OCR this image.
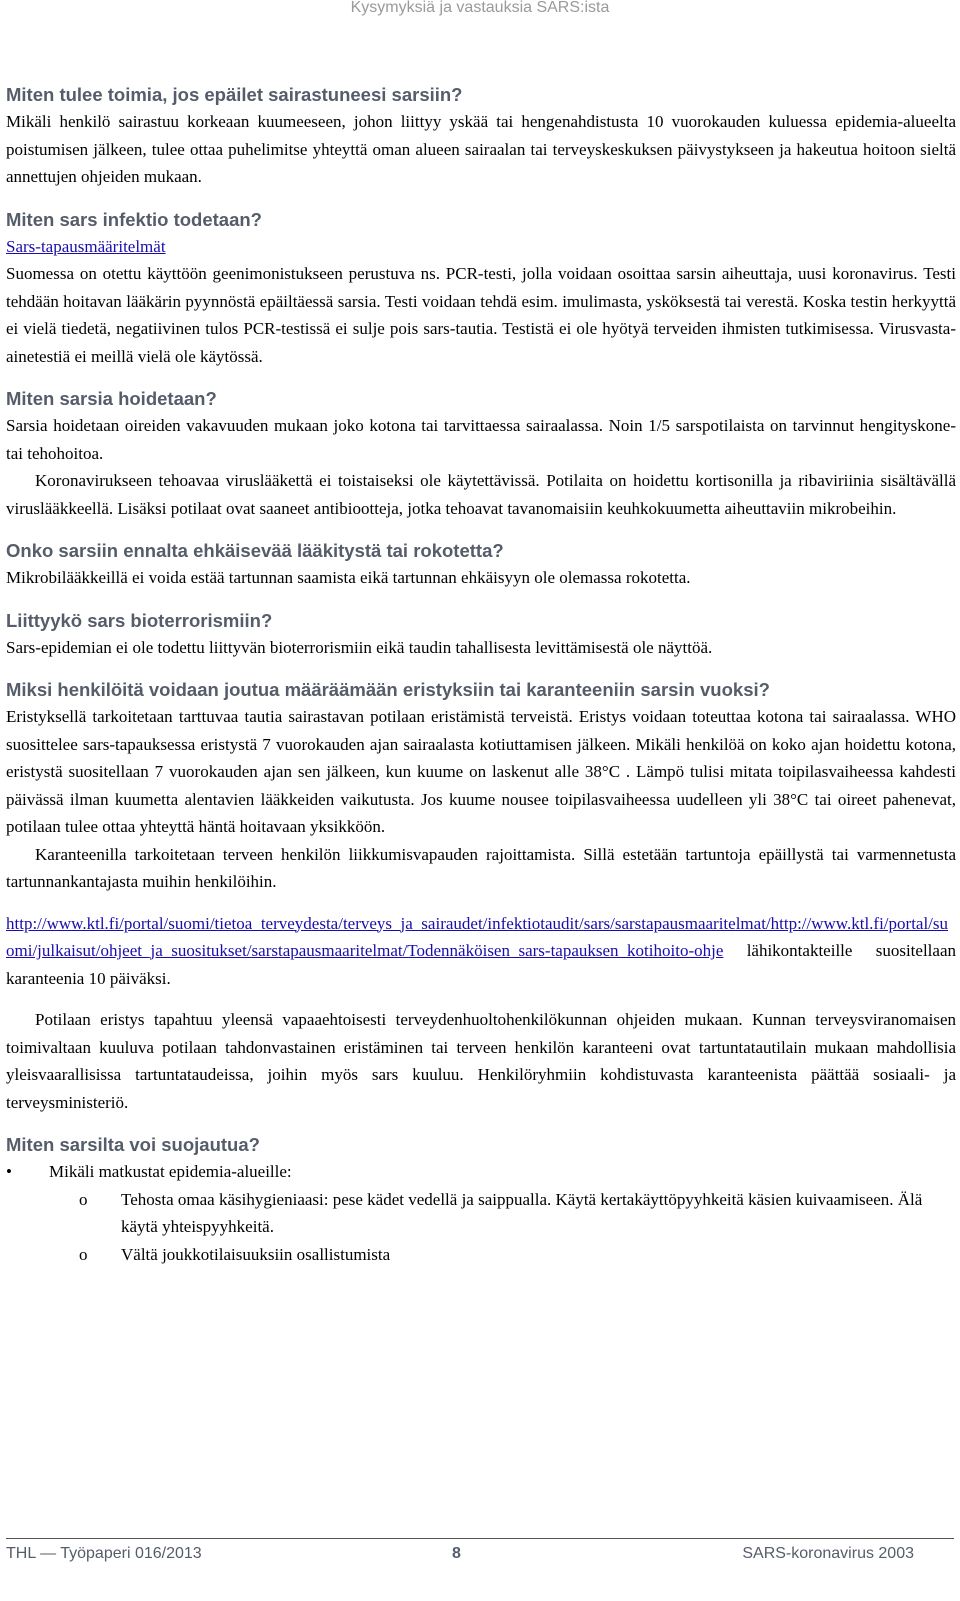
Kysymyksiä ja vastauksia SARS:ista
Miten tulee toimia, jos epäilet sairastuneesi sarsiin?

Mikäli henkilö sairastuu korkeaan kuumeeseen, johon liittyy yskää tai hengenahdistusta 10 vuorokauden kuluessa epidemia-alueelta poistumisen jälkeen, tulee ottaa puhelimitse yhteyttä oman alueen sairaalan tai terveyskeskuksen päivystykseen ja hakeutua hoitoon sieltä annettujen ohjeiden mukaan.

Miten sars infektio todetaan?

Sars-tapausmääritelmät

Suomessa on otettu käyttöön geenimonistukseen perustuva ns. PCR-testi, jolla voidaan osoittaa sarsin aiheuttaja, uusi koronavirus. Testi tehdään hoitavan lääkärin pyynnöstä epäiltäessä sarsia. Testi voidaan tehdä esim. imulimasta, ysköksestä tai verestä. Koska testin herkyyttä ei vielä tiedetä, negatiivinen tulos PCR-testissä ei sulje pois sars-tautia. Testistä ei ole hyötyä terveiden ihmisten tutkimisessa. Virusvasta-ainetestiä ei meillä vielä ole käytössä.

Miten sarsia hoidetaan?

Sarsia hoidetaan oireiden vakavuuden mukaan joko kotona tai tarvittaessa sairaalassa. Noin 1/5 sarspotilaista on tarvinnut hengityskone- tai tehohoitoa.

Koronavirukseen tehoavaa viruslääkettä ei toistaiseksi ole käytettävissä. Potilaita on hoidettu kortisonilla ja ribaviriinia sisältävällä viruslääkkeellä. Lisäksi potilaat ovat saaneet antibiootteja, jotka tehoavat tavanomaisiin keuhkokuumetta aiheuttaviin mikrobeihin.

Onko sarsiin ennalta ehkäisevää lääkitystä tai rokotetta?

Mikrobilääkkeillä ei voida estää tartunnan saamista eikä tartunnan ehkäisyyn ole olemassa rokotetta.

Liittyykö sars bioterrorismiin?

Sars-epidemian ei ole todettu liittyvän bioterrorismiin eikä taudin tahallisesta levittämisestä ole näyttöä.

Miksi henkilöitä voidaan joutua määräämään eristyksiin tai karanteeniin sarsin vuoksi?

Eristyksellä tarkoitetaan tarttuvaa tautia sairastavan potilaan eristämistä terveistä. Eristys voidaan toteuttaa kotona tai sairaalassa. WHO suosittelee sars-tapauksessa eristystä 7 vuorokauden ajan sairaalasta kotiuttamisen jälkeen. Mikäli henkilöä on koko ajan hoidettu kotona, eristystä suositellaan 7 vuorokauden ajan sen jälkeen, kun kuume on laskenut alle 38°C . Lämpö tulisi mitata toipilasvaiheessa kahdesti päivässä ilman kuumetta alentavien lääkkeiden vaikutusta. Jos kuume nousee toipilasvaiheessa uudelleen yli 38°C tai oireet pahenevat, potilaan tulee ottaa yhteyttä häntä hoitavaan yksikköön.

Karanteenilla tarkoitetaan terveen henkilön liikkumisvapauden rajoittamista. Sillä estetään tartuntoja epäillystä tai varmennetusta tartunnankantajasta muihin henkilöihin.

http://www.ktl.fi/portal/suomi/tietoa_terveydesta/terveys_ja_sairaudet/infektiotaudit/sars/sarstapausmaaritelmat/http://www.ktl.fi/portal/suomi/julkaisut/ohjeet_ja_suositukset/sarstapausmaaritelmat/Todennäköisen_sars-tapauksen_kotihoito-ohje lähikontakteille suositellaan karanteenia 10 päiväksi.

Potilaan eristys tapahtuu yleensä vapaaehtoisesti terveydenhuoltohenkilökunnan ohjeiden mukaan. Kunnan terveysviranomaisen toimivaltaan kuuluva potilaan tahdonvastainen eristäminen tai terveen henkilön karanteeni ovat tartuntatautilain mukaan mahdollisia yleisvaarallisissa tartuntataudeissa, joihin myös sars kuuluu. Henkilöryhmiin kohdistuvasta karanteenista päättää sosiaali- ja terveysministeriö.

Miten sarsilta voi suojautua?
• Mikäli matkustat epidemia-alueille:
o Tehosta omaa käsihygieniaasi: pese kädet vedellä ja saippualla. Käytä kertakäyttöpyyhkeitä käsien kuivaamiseen. Älä käytä yhteispyyhkeitä.
o Vältä joukkotilaisuuksiin osallistumista
THL — Työpaperi 016/2013	8	SARS-koronavirus 2003
